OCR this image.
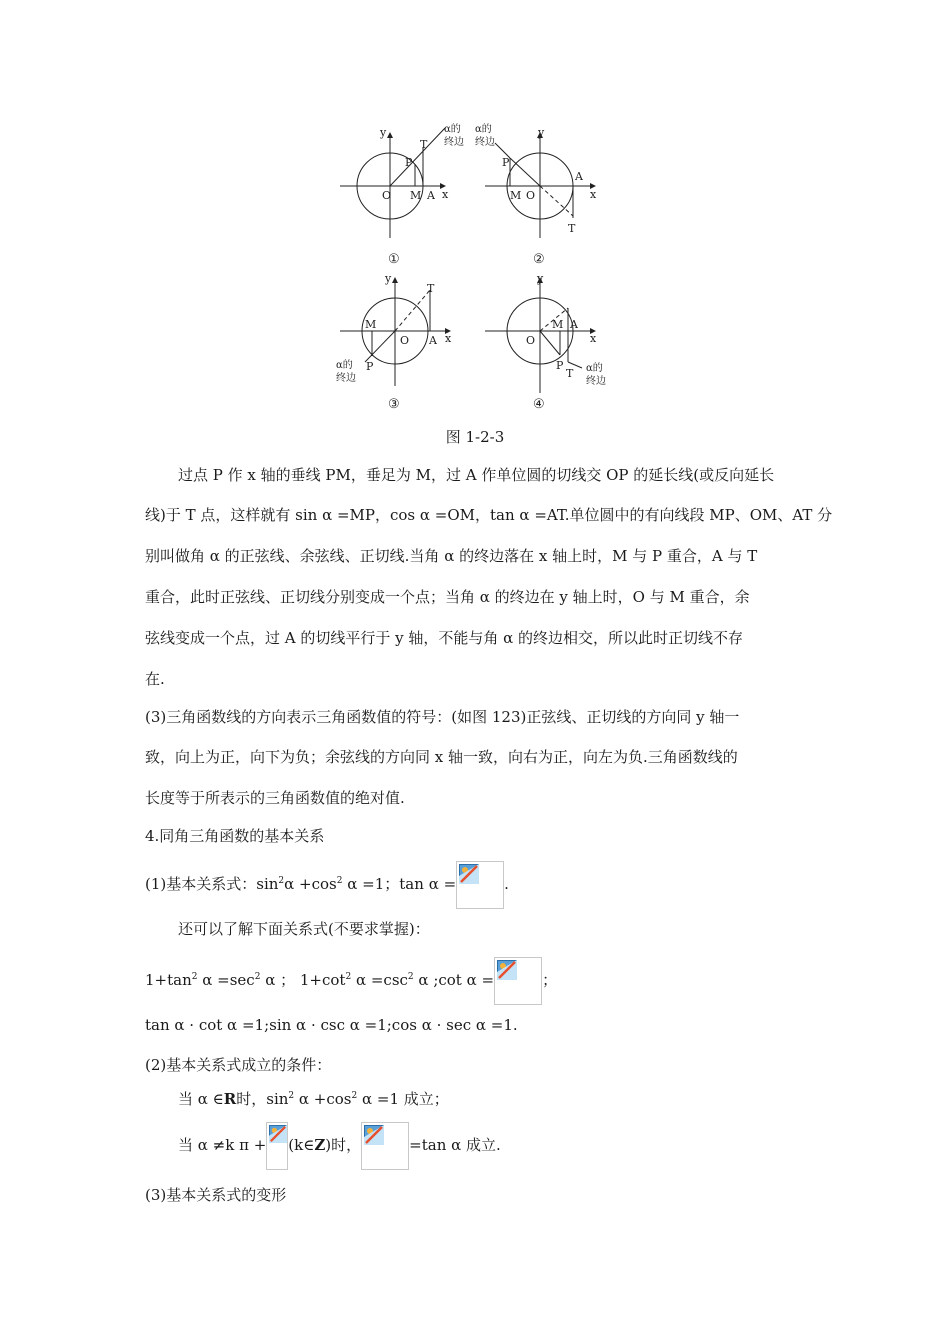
y
x
O M A
P
T
α的
终边
①
y
x
O
M
A
P
T
α的
终边
②
y
x
O
M
A
P
T
α的
终边
③
y
x
O
M A
P
T α的
终边
④
图 1-2-3
过点 P 作 x 轴的垂线 PM，垂足为 M，过 A 作单位圆的切线交 OP 的延长线(或反向延长
线)于 T 点，这样就有 sin α =MP，cos α =OM，tan α =AT.单位圆中的有向线段 MP、OM、AT 分
别叫做角 α 的正弦线、余弦线、正切线.当角 α 的终边落在 x 轴上时，M 与 P 重合，A 与 T
重合，此时正弦线、正切线分别变成一个点；当角 α 的终边在 y 轴上时，O 与 M 重合，余
弦线变成一个点，过 A 的切线平行于 y 轴，不能与角 α 的终边相交，所以此时正切线不存
在.
(3)三角函数线的方向表示三角函数值的符号：(如图 123)正弦线、正切线的方向同 y 轴一
致，向上为正，向下为负；余弦线的方向同 x 轴一致，向右为正，向左为负.三角函数线的
长度等于所表示的三角函数值的绝对值.
4.同角三角函数的基本关系
(1)基本关系式：$\sin^2\alpha +\cos^2$ α =1；tan α =	.
还可以了解下面关系式(不要求掌握)：
$1+\tan^2$ $\alpha =\sec^2$ α ； $1+\cot^2$ $\alpha =\csc^2$ α ;cot α =	；
tan α · cot α =1;sin α · csc α =1;cos α · sec α =1.
(2)基本关系式成立的条件：
当 α ∈R时，$\sin^2 \alpha +\cos^2$ α =1 成立；
当 α ≠k π + (k∈Z)时，	=tan α 成立.
(3)基本关系式的变形
